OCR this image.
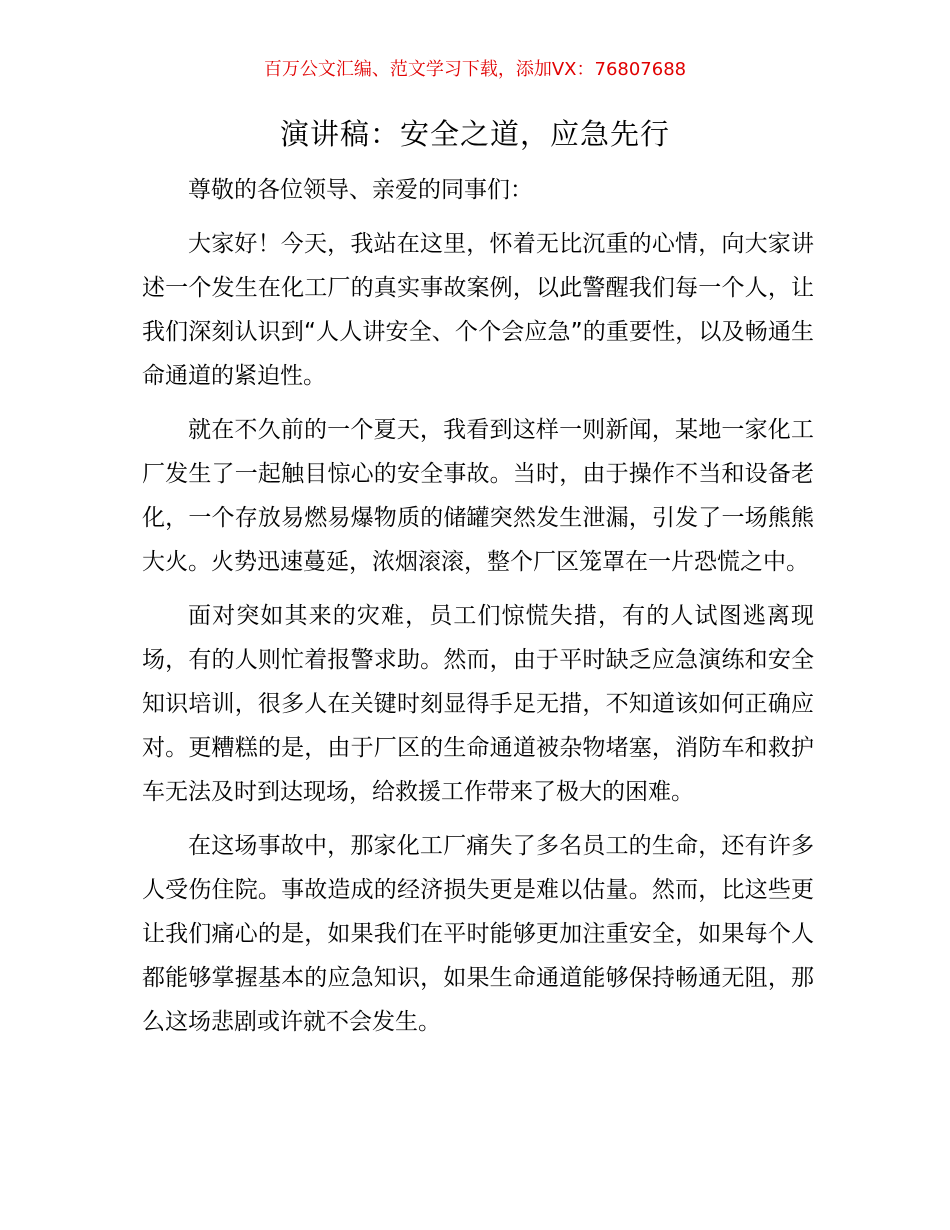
百万公文汇编、范文学习下载，添加VX：76807688
演讲稿：安全之道，应急先行

尊敬的各位领导、亲爱的同事们：

大家好！今天，我站在这里，怀着无比沉重的心情，向大家讲述一个发生在化工厂的真实事故案例，以此警醒我们每一个人，让我们深刻认识到“人人讲安全、个个会应急”的重要性，以及畅通生命通道的紧迫性。

就在不久前的一个夏天，我看到这样一则新闻，某地一家化工厂发生了一起触目惊心的安全事故。当时，由于操作不当和设备老化，一个存放易燃易爆物质的储罐突然发生泄漏，引发了一场熊熊大火。火势迅速蔓延，浓烟滚滚，整个厂区笼罩在一片恐慌之中。

面对突如其来的灾难，员工们惊慌失措，有的人试图逃离现场，有的人则忙着报警求助。然而，由于平时缺乏应急演练和安全知识培训，很多人在关键时刻显得手足无措，不知道该如何正确应对。更糟糕的是，由于厂区的生命通道被杂物堵塞，消防车和救护车无法及时到达现场，给救援工作带来了极大的困难。

在这场事故中，那家化工厂痛失了多名员工的生命，还有许多人受伤住院。事故造成的经济损失更是难以估量。然而，比这些更让我们痛心的是，如果我们在平时能够更加注重安全，如果每个人都能够掌握基本的应急知识，如果生命通道能够保持畅通无阻，那么这场悲剧或许就不会发生。
